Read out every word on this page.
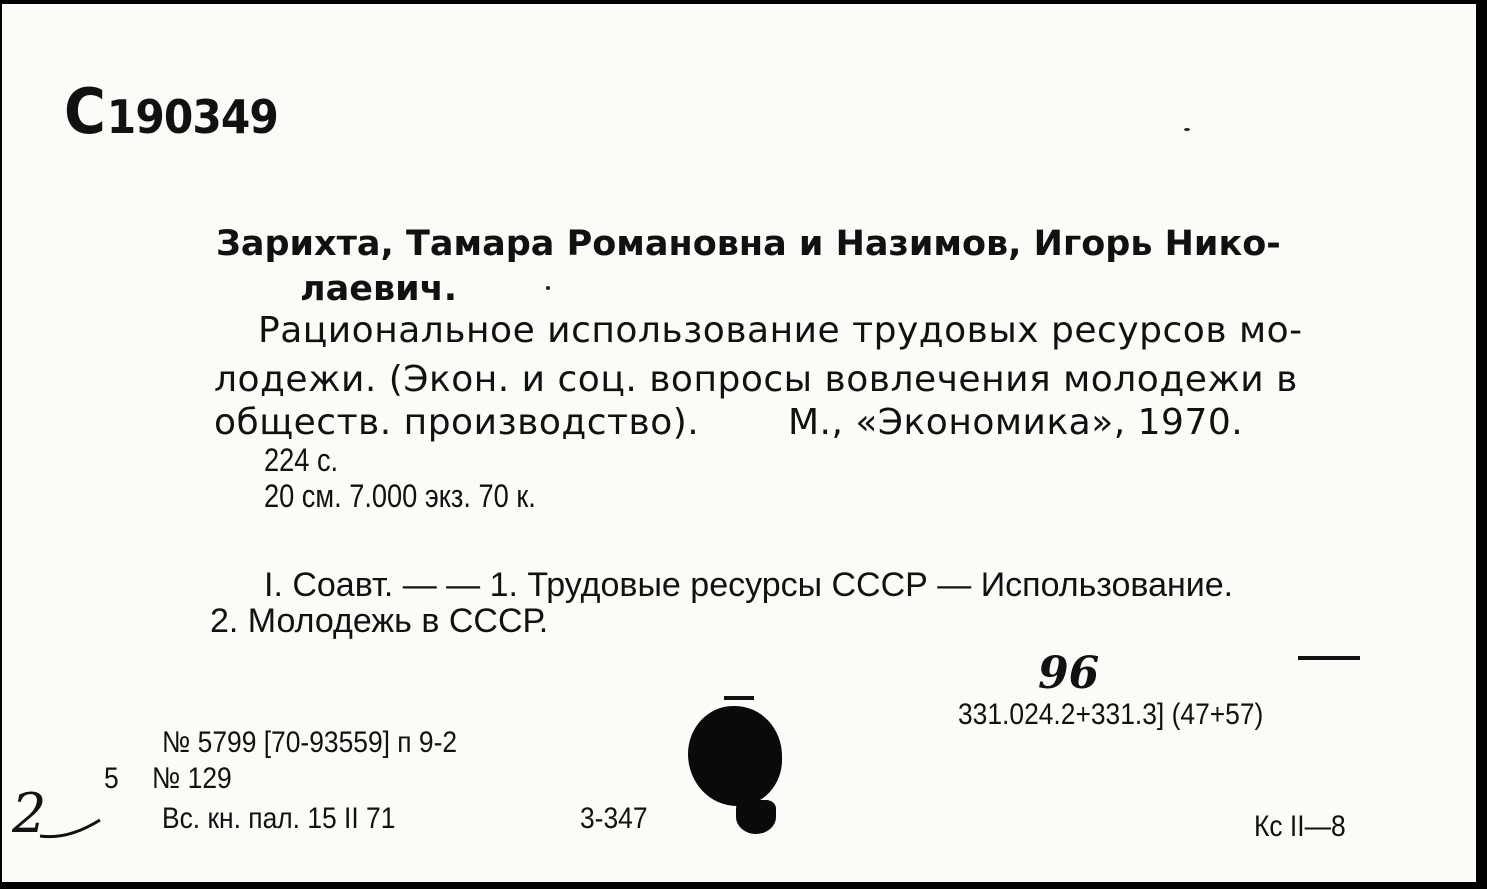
С190349
Зарихта, Тамара Романовна и Назимов, Игорь Нико-
лаевич.
Рациональное использование трудовых ресурсов мо-
лодежи. (Экон. и соц. вопросы вовлечения молодежи в
обществ. производство). М., «Экономика», 1970.
224 с.
20 см. 7.000 экз. 70 к.
I. Соавт. — — 1. Трудовые ресурсы СССР — Использование.
2. Молодежь в СССР.
96
331.024.2+331.3] (47+57)
№ 5799 [70-93559] п 9-2
5 № 129
Вс. кн. пал. 15 II 71	3-347	Кс II—8
2
